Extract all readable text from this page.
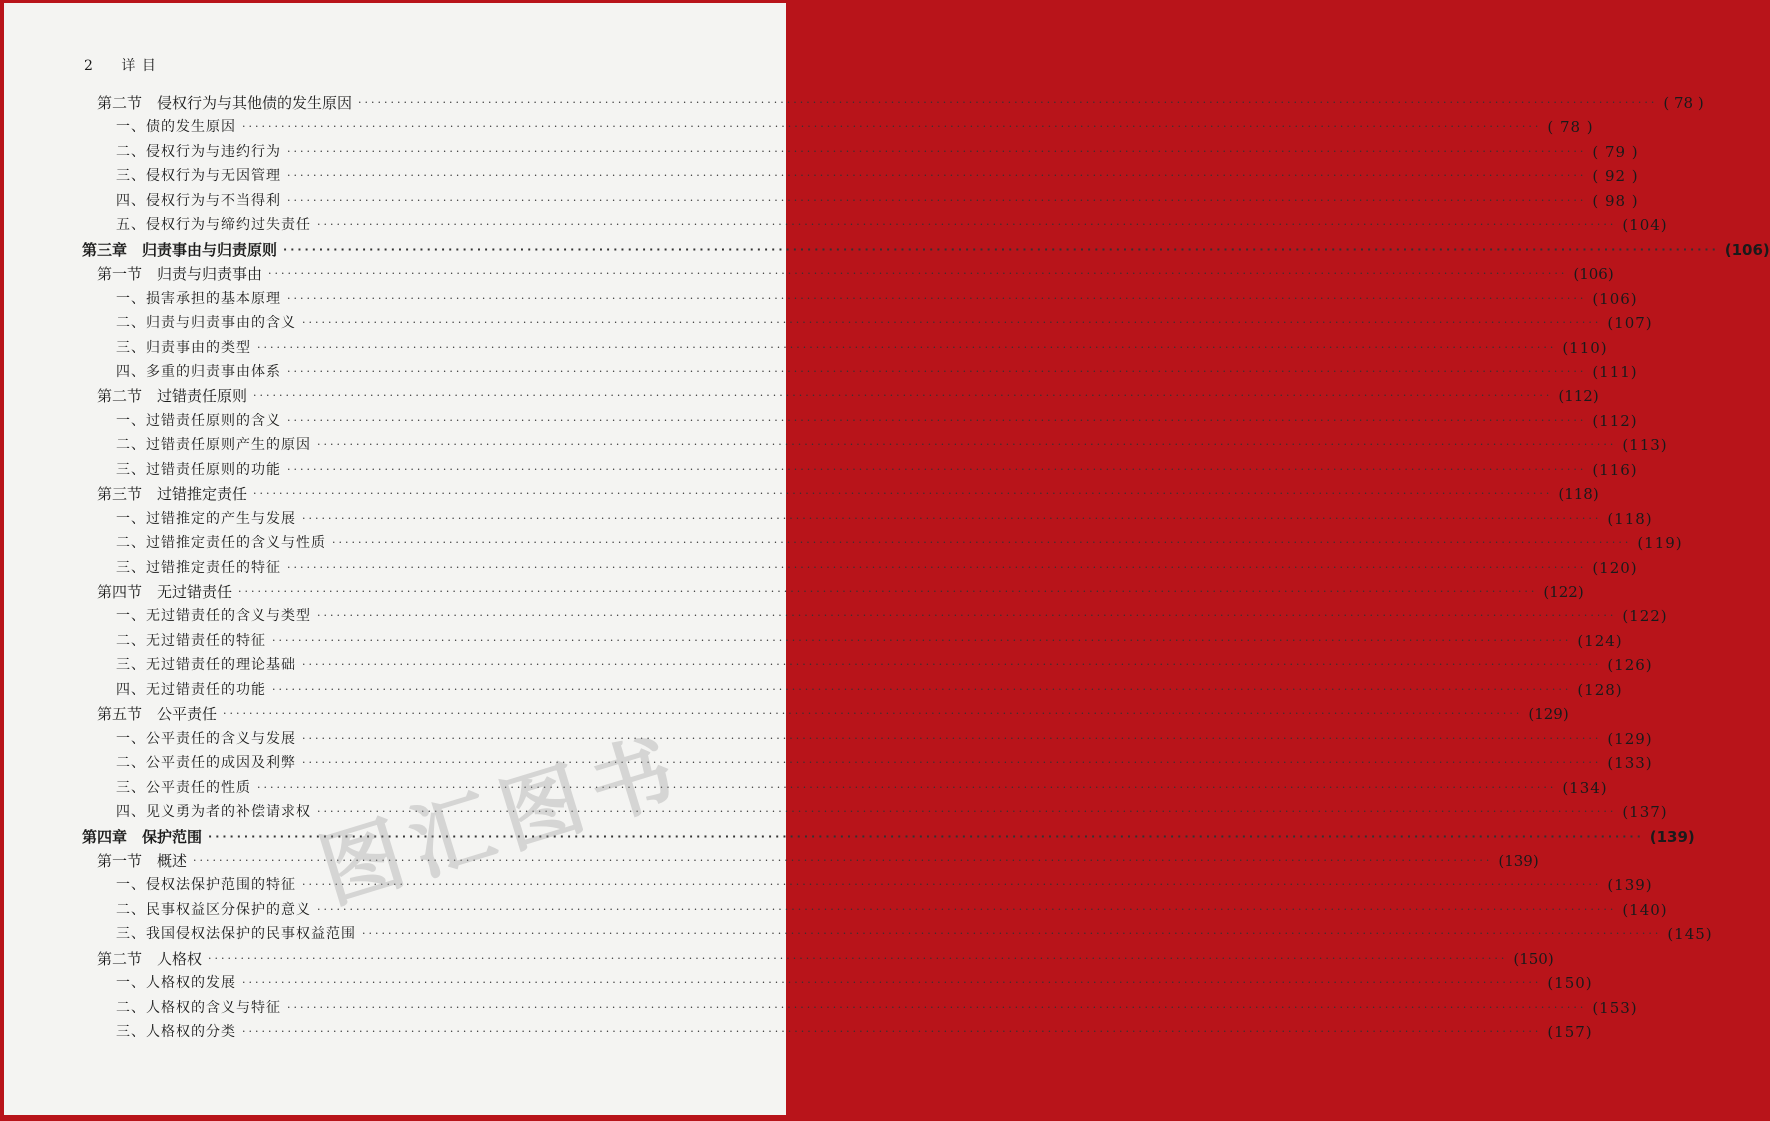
2 详 目
第二节　侵权行为与其他债的发生原因 ········································································································································································································ ( 78 )
一、债的发生原因 ········································································································································································································ ( 78 )
二、侵权行为与违约行为 ········································································································································································································ ( 79 )
三、侵权行为与无因管理 ········································································································································································································ ( 92 )
四、侵权行为与不当得利 ········································································································································································································ ( 98 )
五、侵权行为与缔约过失责任 ········································································································································································································ (104)
第三章　归责事由与归责原则 ········································································································································································································ (106)
第一节　归责与归责事由 ········································································································································································································ (106)
一、损害承担的基本原理 ········································································································································································································ (106)
二、归责与归责事由的含义 ········································································································································································································ (107)
三、归责事由的类型 ········································································································································································································ (110)
四、多重的归责事由体系 ········································································································································································································ (111)
第二节　过错责任原则 ········································································································································································································ (112)
一、过错责任原则的含义 ········································································································································································································ (112)
二、过错责任原则产生的原因 ········································································································································································································ (113)
三、过错责任原则的功能 ········································································································································································································ (116)
第三节　过错推定责任 ········································································································································································································ (118)
一、过错推定的产生与发展 ········································································································································································································ (118)
二、过错推定责任的含义与性质 ········································································································································································································ (119)
三、过错推定责任的特征 ········································································································································································································ (120)
第四节　无过错责任 ········································································································································································································ (122)
一、无过错责任的含义与类型 ········································································································································································································ (122)
二、无过错责任的特征 ········································································································································································································ (124)
三、无过错责任的理论基础 ········································································································································································································ (126)
四、无过错责任的功能 ········································································································································································································ (128)
第五节　公平责任 ········································································································································································································ (129)
一、公平责任的含义与发展 ········································································································································································································ (129)
二、公平责任的成因及利弊 ········································································································································································································ (133)
三、公平责任的性质 ········································································································································································································ (134)
四、见义勇为者的补偿请求权 ········································································································································································································ (137)
第四章　保护范围 ········································································································································································································ (139)
第一节　概述 ········································································································································································································ (139)
一、侵权法保护范围的特征 ········································································································································································································ (139)
二、民事权益区分保护的意义 ········································································································································································································ (140)
三、我国侵权法保护的民事权益范围 ········································································································································································································ (145)
第二节　人格权 ········································································································································································································ (150)
一、人格权的发展 ········································································································································································································ (150)
二、人格权的含义与特征 ········································································································································································································ (153)
三、人格权的分类 ········································································································································································································ (157)
图汇图书
